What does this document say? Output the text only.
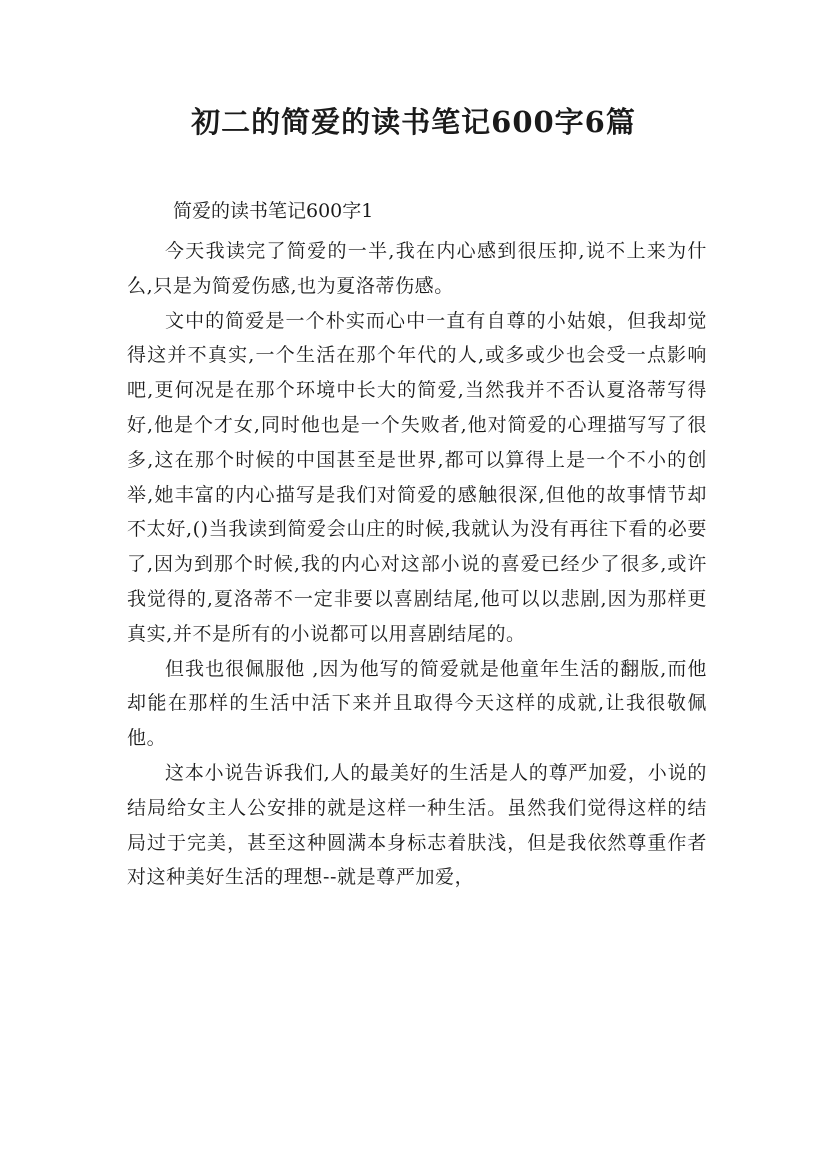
初二的简爱的读书笔记600字6篇
简爱的读书笔记600字1

今天我读完了简爱的一半,我在内心感到很压抑,说不上来为什么,只是为简爱伤感,也为夏洛蒂伤感。

文中的简爱是一个朴实而心中一直有自尊的小姑娘，但我却觉得这并不真实,一个生活在那个年代的人,或多或少也会受一点影响吧,更何况是在那个环境中长大的简爱,当然我并不否认夏洛蒂写得好,他是个才女,同时他也是一个失败者,他对简爱的心理描写写了很多,这在那个时候的中国甚至是世界,都可以算得上是一个不小的创举,她丰富的内心描写是我们对简爱的感触很深,但他的故事情节却不太好,()当我读到简爱会山庄的时候,我就认为没有再往下看的必要了,因为到那个时候,我的内心对这部小说的喜爱已经少了很多,或许我觉得的,夏洛蒂不一定非要以喜剧结尾,他可以以悲剧,因为那样更真实,并不是所有的小说都可以用喜剧结尾的。

但我也很佩服他 ,因为他写的简爱就是他童年生活的翻版,而他却能在那样的生活中活下来并且取得今天这样的成就,让我很敬佩他。

这本小说告诉我们,人的最美好的生活是人的尊严加爱，小说的结局给女主人公安排的就是这样一种生活。虽然我们觉得这样的结局过于完美，甚至这种圆满本身标志着肤浅，但是我依然尊重作者对这种美好生活的理想--就是尊严加爱，
